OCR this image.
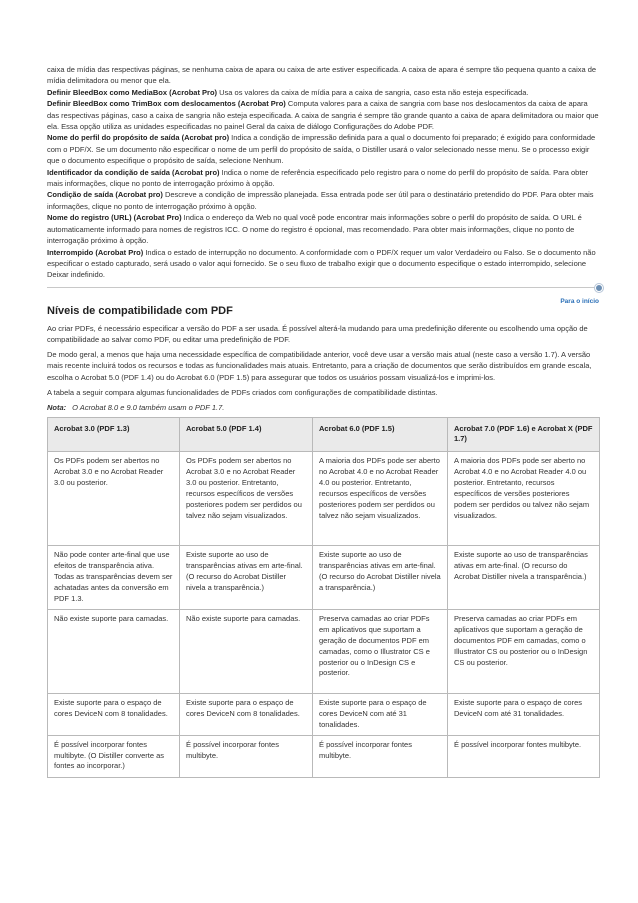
caixa de mídia das respectivas páginas, se nenhuma caixa de apara ou caixa de arte estiver especificada. A caixa de apara é sempre tão pequena quanto a caixa de mídia delimitadora ou menor que ela.

Definir BleedBox como MediaBox (Acrobat Pro) Usa os valores da caixa de mídia para a caixa de sangria, caso esta não esteja especificada.

Definir BleedBox como TrimBox com deslocamentos (Acrobat Pro) Computa valores para a caixa de sangria com base nos deslocamentos da caixa de apara das respectivas páginas, caso a caixa de sangria não esteja especificada. A caixa de sangria é sempre tão grande quanto a caixa de apara delimitadora ou maior que ela. Essa opção utiliza as unidades especificadas no painel Geral da caixa de diálogo Configurações do Adobe PDF.

Nome do perfil do propósito de saída (Acrobat pro) Indica a condição de impressão definida para a qual o documento foi preparado; é exigido para conformidade com o PDF/X. Se um documento não especificar o nome de um perfil do propósito de saída, o Distiller usará o valor selecionado nesse menu. Se o processo exigir que o documento especifique o propósito de saída, selecione Nenhum.

Identificador da condição de saída (Acrobat pro) Indica o nome de referência especificado pelo registro para o nome do perfil do propósito de saída. Para obter mais informações, clique no ponto de interrogação próximo à opção.

Condição de saída (Acrobat pro) Descreve a condição de impressão planejada. Essa entrada pode ser útil para o destinatário pretendido do PDF. Para obter mais informações, clique no ponto de interrogação próximo à opção.

Nome do registro (URL) (Acrobat Pro) Indica o endereço da Web no qual você pode encontrar mais informações sobre o perfil do propósito de saída. O URL é automaticamente informado para nomes de registros ICC. O nome do registro é opcional, mas recomendado. Para obter mais informações, clique no ponto de interrogação próximo à opção.

Interrompido (Acrobat Pro) Indica o estado de interrupção no documento. A conformidade com o PDF/X requer um valor Verdadeiro ou Falso. Se o documento não especificar o estado capturado, será usado o valor aqui fornecido. Se o seu fluxo de trabalho exigir que o documento especifique o estado interrompido, selecione Deixar indefinido.

Para o início
Níveis de compatibilidade com PDF

Ao criar PDFs, é necessário especificar a versão do PDF a ser usada. É possível alterá-la mudando para uma predefinição diferente ou escolhendo uma opção de compatibilidade ao salvar como PDF, ou editar uma predefinição de PDF.

De modo geral, a menos que haja uma necessidade específica de compatibilidade anterior, você deve usar a versão mais atual (neste caso a versão 1.7). A versão mais recente incluirá todos os recursos e todas as funcionalidades mais atuais. Entretanto, para a criação de documentos que serão distribuídos em grande escala, escolha o Acrobat 5.0 (PDF 1.4) ou do Acrobat 6.0 (PDF 1.5) para assegurar que todos os usuários possam visualizá-los e imprimi-los.

A tabela a seguir compara algumas funcionalidades de PDFs criados com configurações de compatibilidade distintas.

Nota: O Acrobat 8.0 e 9.0 também usam o PDF 1.7.

Acrobat 3.0 (PDF 1.3)	Acrobat 5.0 (PDF 1.4)	Acrobat 6.0 (PDF 1.5)	Acrobat 7.0 (PDF 1.6) e Acrobat X (PDF 1.7)
Os PDFs podem ser abertos no Acrobat 3.0 e no Acrobat Reader 3.0 ou posterior.	Os PDFs podem ser abertos no Acrobat 3.0 e no Acrobat Reader 3.0 ou posterior. Entretanto, recursos específicos de versões posteriores podem ser perdidos ou talvez não sejam visualizados.	A maioria dos PDFs pode ser aberto no Acrobat 4.0 e no Acrobat Reader 4.0 ou posterior. Entretanto, recursos específicos de versões posteriores podem ser perdidos ou talvez não sejam visualizados.	A maioria dos PDFs pode ser aberto no Acrobat 4.0 e no Acrobat Reader 4.0 ou posterior. Entretanto, recursos específicos de versões posteriores podem ser perdidos ou talvez não sejam visualizados.
Não pode conter arte-final que use efeitos de transparência ativa. Todas as transparências devem ser achatadas antes da conversão em PDF 1.3.	Existe suporte ao uso de transparências ativas em arte-final. (O recurso do Acrobat Distiller nivela a transparência.)	Existe suporte ao uso de transparências ativas em arte-final. (O recurso do Acrobat Distiller nivela a transparência.)	Existe suporte ao uso de transparências ativas em arte-final. (O recurso do Acrobat Distiller nivela a transparência.)
Não existe suporte para camadas.	Não existe suporte para camadas.	Preserva camadas ao criar PDFs em aplicativos que suportam a geração de documentos PDF em camadas, como o Illustrator CS e posterior ou o InDesign CS e posterior.	Preserva camadas ao criar PDFs em aplicativos que suportam a geração de documentos PDF em camadas, como o Illustrator CS ou posterior ou o InDesign CS ou posterior.
Existe suporte para o espaço de cores DeviceN com 8 tonalidades.	Existe suporte para o espaço de cores DeviceN com 8 tonalidades.	Existe suporte para o espaço de cores DeviceN com até 31 tonalidades.	Existe suporte para o espaço de cores DeviceN com até 31 tonalidades.
É possível incorporar fontes multibyte. (O Distiller converte as fontes ao incorporar.)	É possível incorporar fontes multibyte.	É possível incorporar fontes multibyte.	É possível incorporar fontes multibyte.
